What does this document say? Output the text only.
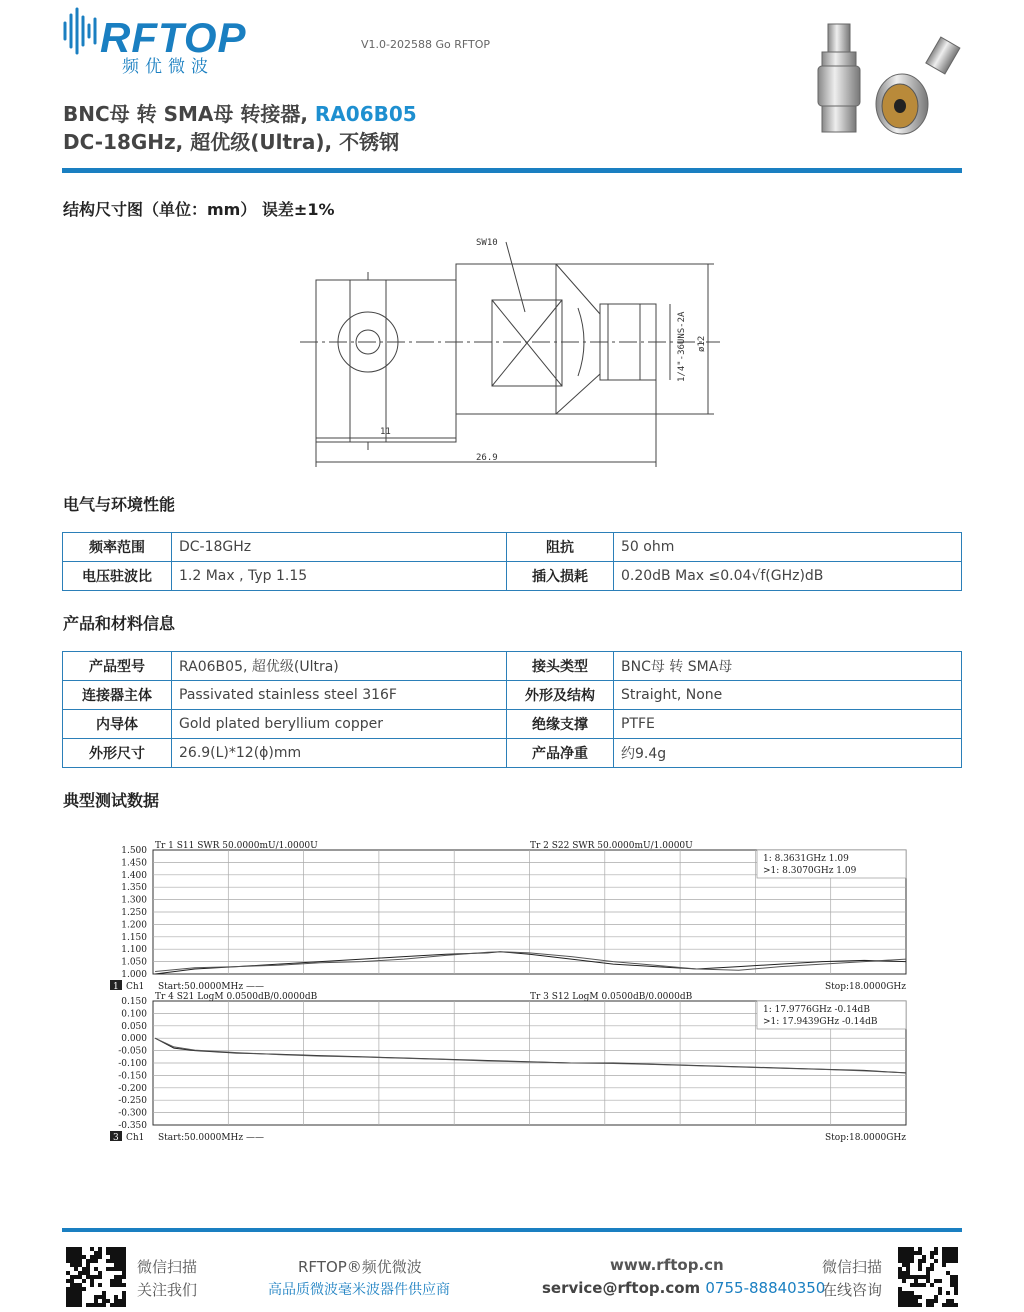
RFTOP
频优微波
V1.0-202588 Go RFTOP
BNC母 转 SMA母 转接器, RA06B05
DC-18GHz, 超优级(Ultra), 不锈钢
结构尺寸图（单位：mm） 误差±1%
SW10
11
26.9
1/4"-36UNS-2A ø12
电气与环境性能
频率范围	DC-18GHz	阻抗	50 ohm
电压驻波比	1.2 Max , Typ 1.15	插入损耗	0.20dB Max ≤0.04√f(GHz)dB
产品和材料信息
产品型号	RA06B05, 超优级(Ultra)	接头类型	BNC母 转 SMA母
连接器主体	Passivated stainless steel 316F	外形及结构	Straight, None
内导体	Gold plated beryllium copper	绝缘支撑	PTFE
外形尺寸	26.9(L)*12(ϕ)mm	产品净重	约9.4g
典型测试数据
1.500
1.450
1.400
1.350
1.300
1.250
1.200
1.150
1.100
1.050
1.000
Tr 1 S11 SWR 50.0000mU/1.0000U	Tr 2 S22 SWR 50.0000mU/1.0000U
1: 8.3631GHz 1.09
>1: 8.3070GHz 1.09
1 Ch1 Start:50.0000MHz ——	Stop:18.0000GHz
0.150
0.100
0.050
0.000
-0.050
-0.100
-0.150
-0.200
-0.250
-0.300
-0.350
Tr 4 S21 LogM 0.0500dB/0.0000dB	Tr 3 S12 LogM 0.0500dB/0.0000dB
1: 17.9776GHz -0.14dB
>1: 17.9439GHz -0.14dB
3 Ch1 Start:50.0000MHz ——	Stop:18.0000GHz
微信扫描
关注我们
RFTOP®频优微波
高品质微波毫米波器件供应商
www.rftop.cn
service@rftop.com 0755-88840350
微信扫描
在线咨询
